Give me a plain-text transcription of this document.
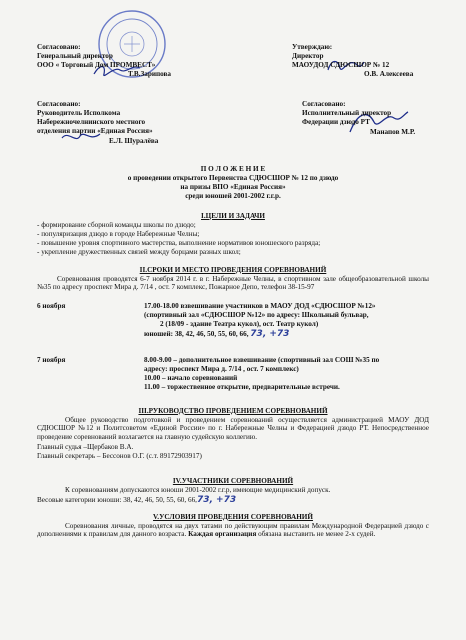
Согласовано:
Генеральный директор
ООО « Торговый Дом ПРОМВЕСТ»
Т.В.Зарипова
Утверждаю:
Директор
МАОУДОД СДЮСШОР № 12
О.В. Алексеева
Согласовано:
Руководитель Исполкома
Набережночелнинского местного
отделения партии «Единая Россия»
Е.Л. Шуралёва
Согласовано:
Исполнительный директор
Федерации дзюдо РТ
Манапов М.Р.
П О Л О Ж Е Н И Е
о проведении открытого Первенства СДЮСШОР № 12 по дзюдо
на призы ВПО «Единая Россия»
среди юношей 2001-2002 г.г.р.
I.ЦЕЛИ И ЗАДАЧИ
- формирование сборной команды школы по дзюдо;
- популяризация дзюдо в городе Набережные Челны;
- повышение уровня спортивного мастерства, выполнение нормативов юношеского разряда;
- укрепление дружественных связей между борцами разных школ;
II.СРОКИ И МЕСТО ПРОВЕДЕНИЯ СОРЕВНОВАНИЙ
Соревнования проводятся 6-7 ноября 2014 г. в г. Набережные Челны, в спортивном зале общеобразовательной школы №35 по адресу проспект Мира д. 7/14 , ост. 7 комплекс, Пожарное Депо, телефон 38-15-97
6 ноября	17.00-18.00 взвешивание участников в МАОУ ДОД «СДЮСШОР №12»
(спортивный зал «СДЮСШОР №12» по адресу: Школьный бульвар,
2 (18/09 - здание Театра кукол), ост. Театр кукол)
юношей: 38, 42, 46, 50, 55, 60, 66, 73, +73
7 ноября	8.00-9.00 – дополнительное взвешивание (спортивный зал СОШ №35 по
адресу: проспект Мира д. 7/14 , ост. 7 комплекс)
10.00 – начало соревнований
11.00 – торжественное открытие, предварительные встречи.
III.РУКОВОДСТВО ПРОВЕДЕНИЕМ СОРЕВНОВАНИЙ
Общее руководство подготовкой и проведением соревнований осуществляется администрацией МАОУ ДОД СДЮСШОР №12 и Политсоветом «Единой России» по г. Набережные Челны и Федерацией дзюдо РТ. Непосредственное проведение соревнований возлагается на главную судейскую коллегию.
Главный судья –Щербаков В.А.
Главный секретарь – Бессонов О.Г. (с.т. 89172903917)
IV.УЧАСТНИКИ СОРЕВНОВАНИЙ
К соревнованиям допускаются юноши 2001-2002 г.г.р, имеющие медицинский допуск.
Весовые категории юноши: 38, 42, 46, 50, 55, 60, 66,73, +73
V.УСЛОВИЯ ПРОВЕДЕНИЯ СОРЕВНОВАНИЙ
Соревнования личные, проводятся на двух татами по действующим правилам Международной Федерацией дзюдо с дополнениями к правилам для данного возраста. Каждая организация обязана выставить не менее 2-х судей.
